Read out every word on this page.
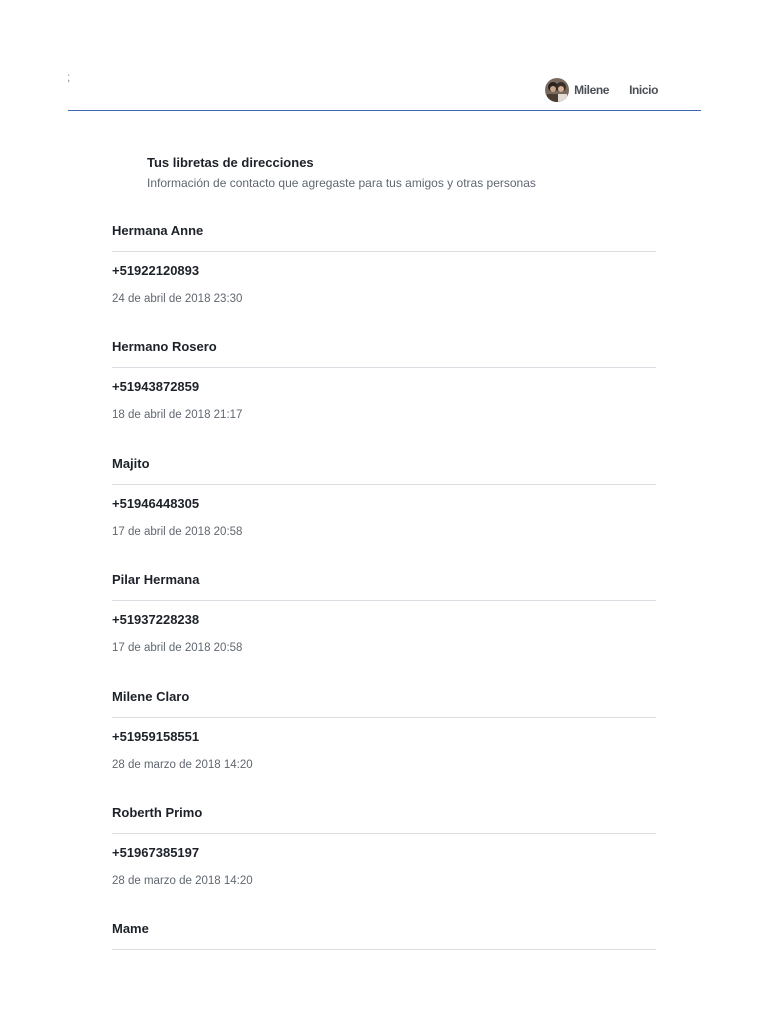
;
Milene Inicio
Tus libretas de direcciones
Información de contacto que agregaste para tus amigos y otras personas
Hermana Anne
+51922120893
24 de abril de 2018 23:30
Hermano Rosero
+51943872859
18 de abril de 2018 21:17
Majito
+51946448305
17 de abril de 2018 20:58
Pilar Hermana
+51937228238
17 de abril de 2018 20:58
Milene Claro
+51959158551
28 de marzo de 2018 14:20
Roberth Primo
+51967385197
28 de marzo de 2018 14:20
Mame
